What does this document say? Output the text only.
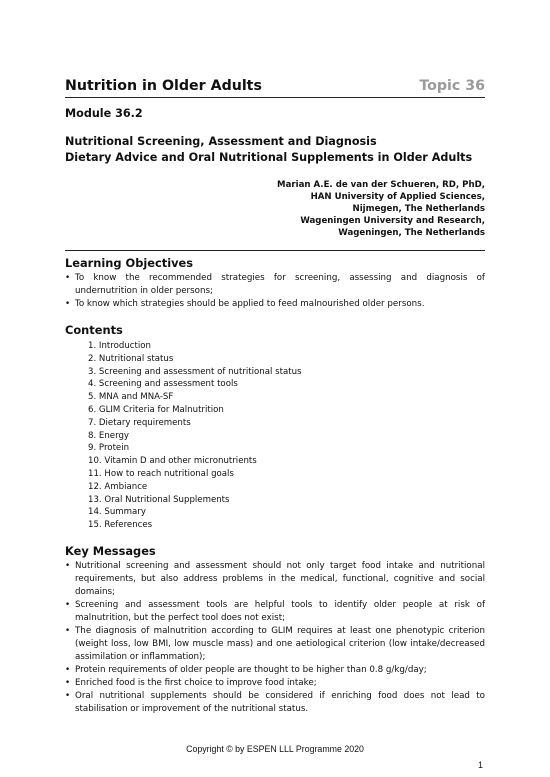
Nutrition in Older Adults	Topic 36
Module 36.2
Nutritional Screening, Assessment and Diagnosis
Dietary Advice and Oral Nutritional Supplements in Older Adults
Marian A.E. de van der Schueren, RD, PhD,
HAN University of Applied Sciences,
Nijmegen, The Netherlands
Wageningen University and Research,
Wageningen, The Netherlands
Learning Objectives
• To know the recommended strategies for screening, assessing and diagnosis of undernutrition in older persons;
• To know which strategies should be applied to feed malnourished older persons.
Contents
1. Introduction
2. Nutritional status
3. Screening and assessment of nutritional status
4. Screening and assessment tools
5. MNA and MNA-SF
6. GLIM Criteria for Malnutrition
7. Dietary requirements
8. Energy
9. Protein
10. Vitamin D and other micronutrients
11. How to reach nutritional goals
12. Ambiance
13. Oral Nutritional Supplements
14. Summary
15. References
Key Messages
• Nutritional screening and assessment should not only target food intake and nutritional requirements, but also address problems in the medical, functional, cognitive and social domains;
• Screening and assessment tools are helpful tools to identify older people at risk of malnutrition, but the perfect tool does not exist;
• The diagnosis of malnutrition according to GLIM requires at least one phenotypic criterion (weight loss, low BMI, low muscle mass) and one aetiological criterion (low intake/decreased assimilation or inflammation);
• Protein requirements of older people are thought to be higher than 0.8 g/kg/day;
• Enriched food is the first choice to improve food intake;
• Oral nutritional supplements should be considered if enriching food does not lead to stabilisation or improvement of the nutritional status.
Copyright © by ESPEN LLL Programme 2020
1
